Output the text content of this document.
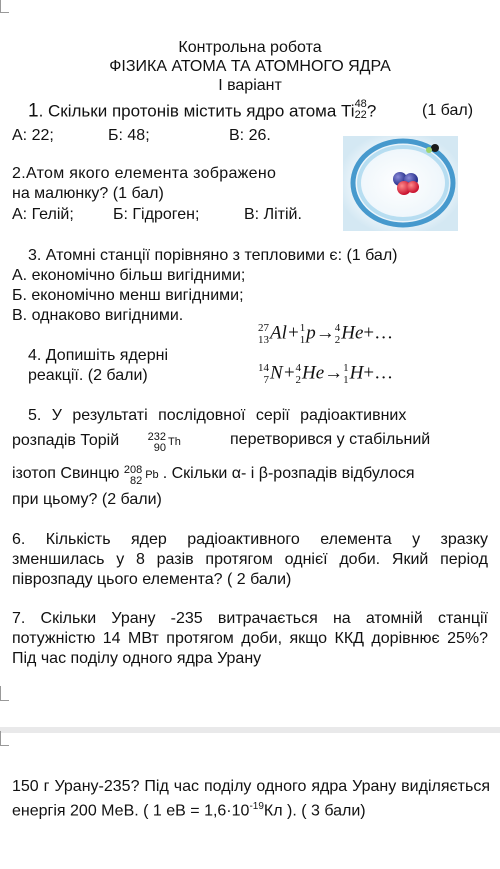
Контрольна робота
ФІЗИКА АТОМА ТА АТОМНОГО ЯДРА
І варіант
1. Скільки протонів містить ядро атома Ti 48
22 ?	(1 бал)
А: 22;	Б: 48;	В: 26.
2.Атом якого елемента зображено
на малюнку? (1 бал)
А: Гелій; Б: Гідроген;	В: Літій.
3. Атомні станції порівняно з тепловими є: (1 бал)
А. економічно більш вигідними;
Б. економічно менш вигідними;
В. однаково вигідними.
4. Допишіть ядерні
реакції. (2 бали)
27
13 Al+ 1
1 p→ 4
2 He+…
14
7 N+ 4
2 He→ 1
1 H+…
5. У результаті послідовної серії радіоактивних
розпадів Торій	232
90 Th	перетворився у стабільний
ізотоп Свинцю 208
82 Pb . Скільки α- і β-розпадів відбулося
при цьому? (2 бали)
6. Кількість ядер радіоактивного елемента у зразку зменшилась у 8 разів протягом однієї доби. Який період піврозпаду цього елемента? ( 2 бали)
7. Скільки Урану -235 витрачається на атомній станції потужністю 14 МВт протягом доби, якщо ККД дорівнює 25%? Під час поділу одного ядра Урану
150 г Урану-235? Під час поділу одного ядра Урану виділяється енергія 200 МеВ. ( 1 еВ = $1,6\cdot 10^{-19}Кл$ ). ( 3 бали)
